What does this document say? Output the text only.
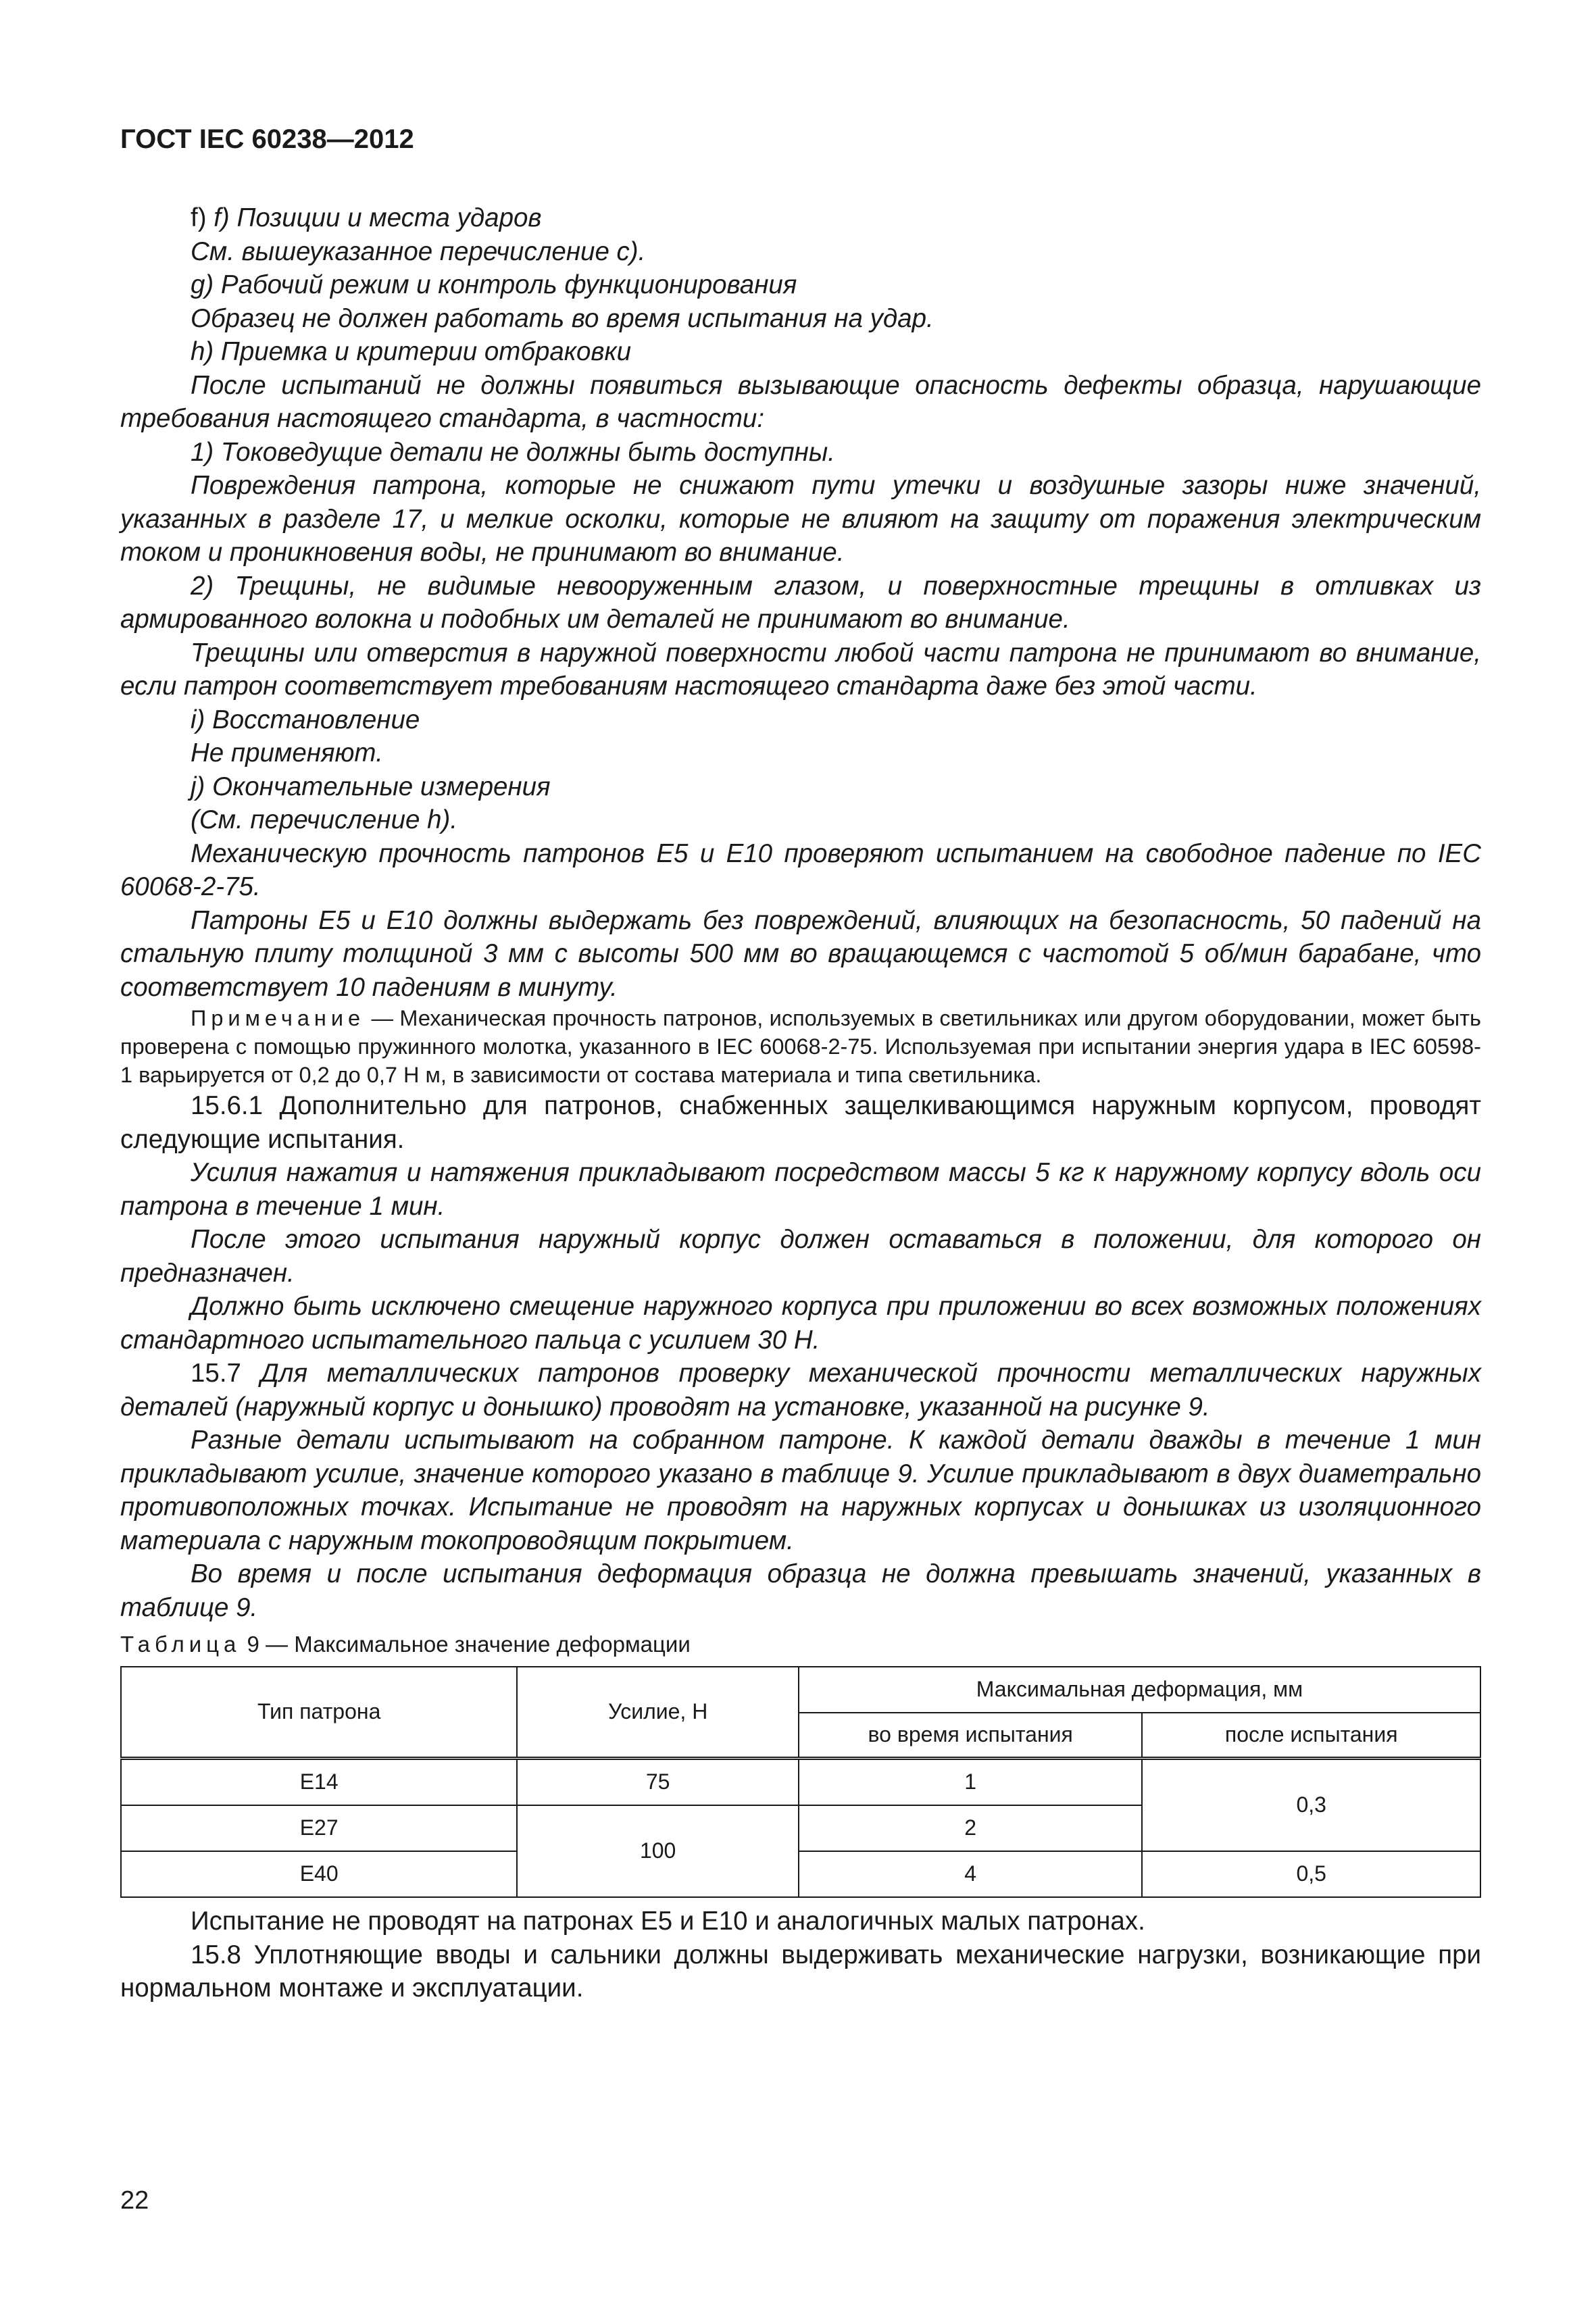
ГОСТ IEC 60238—2012

f) f) Позиции и места ударов

См. вышеуказанное перечисление с).

g) Рабочий режим и контроль функционирования

Образец не должен работать во время испытания на удар.

h) Приемка и критерии отбраковки

После испытаний не должны появиться вызывающие опасность дефекты образца, нарушающие требования настоящего стандарта, в частности:

1) Токоведущие детали не должны быть доступны.

Повреждения патрона, которые не снижают пути утечки и воздушные зазоры ниже значений, указанных в разделе 17, и мелкие осколки, которые не влияют на защиту от поражения электрическим током и проникновения воды, не принимают во внимание.

2) Трещины, не видимые невооруженным глазом, и поверхностные трещины в отливках из армированного волокна и подобных им деталей не принимают во внимание.

Трещины или отверстия в наружной поверхности любой части патрона не принимают во внимание, если патрон соответствует требованиям настоящего стандарта даже без этой части.

i) Восстановление

Не применяют.

j) Окончательные измерения

(См. перечисление h).

Механическую прочность патронов Е5 и Е10 проверяют испытанием на свободное падение по IEC 60068-2-75.

Патроны Е5 и Е10 должны выдержать без повреждений, влияющих на безопасность, 50 падений на стальную плиту толщиной 3 мм с высоты 500 мм во вращающемся с частотой 5 об/мин барабане, что соответствует 10 падениям в минуту.

Примечание — Механическая прочность патронов, используемых в светильниках или другом оборудовании, может быть проверена с помощью пружинного молотка, указанного в IEC 60068-2-75. Используемая при испытании энергия удара в IEC 60598-1 варьируется от 0,2 до 0,7 Н м, в зависимости от состава материала и типа светильника.

15.6.1 Дополнительно для патронов, снабженных защелкивающимся наружным корпусом, проводят следующие испытания.

Усилия нажатия и натяжения прикладывают посредством массы 5 кг к наружному корпусу вдоль оси патрона в течение 1 мин.

После этого испытания наружный корпус должен оставаться в положении, для которого он предназначен.

Должно быть исключено смещение наружного корпуса при приложении во всех возможных положениях стандартного испытательного пальца с усилием 30 Н.

15.7 Для металлических патронов проверку механической прочности металлических наружных деталей (наружный корпус и донышко) проводят на установке, указанной на рисунке 9.

Разные детали испытывают на собранном патроне. К каждой детали дважды в течение 1 мин прикладывают усилие, значение которого указано в таблице 9. Усилие прикладывают в двух диаметрально противоположных точках. Испытание не проводят на наружных корпусах и донышках из изоляционного материала с наружным токопроводящим покрытием.

Во время и после испытания деформация образца не должна превышать значений, указанных в таблице 9.

Таблица 9 — Максимальное значение деформации
Тип патрона	Усилие, Н	Максимальная деформация, мм	
		во время испытания	после испытания
E14	75	1	0,3
E27	100	2	
E40		4	0,5

Испытание не проводят на патронах Е5 и Е10 и аналогичных малых патронах.

15.8 Уплотняющие вводы и сальники должны выдерживать механические нагрузки, возникающие при нормальном монтаже и эксплуатации.

22
